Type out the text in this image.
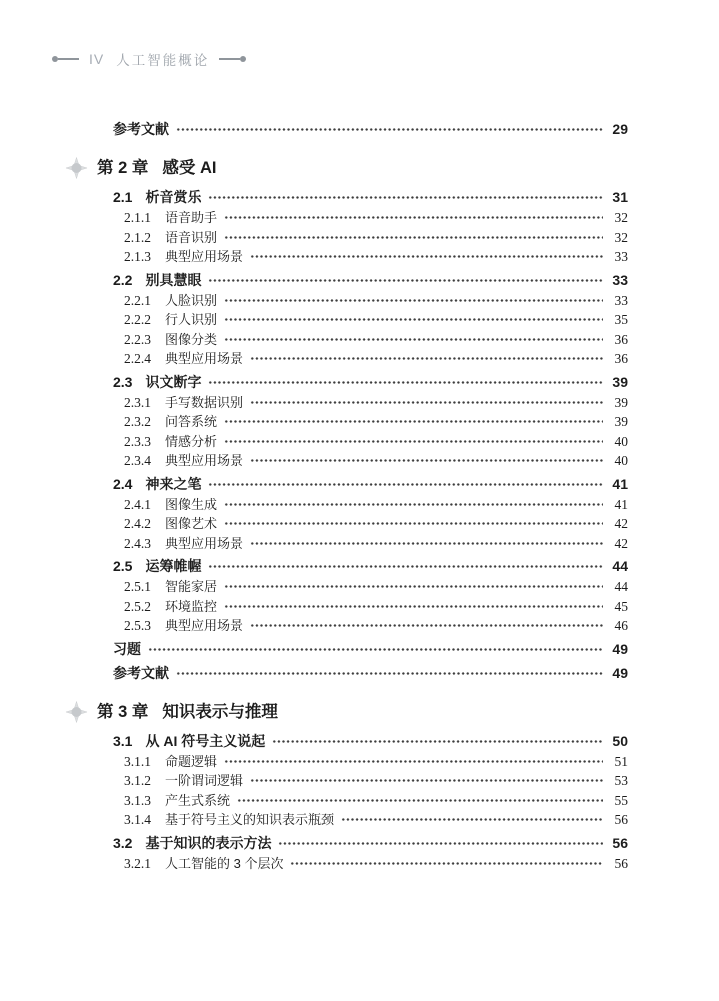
IV 人工智能概论
参考文献	29
第 2 章 感受 AI
2.1 析音赏乐	31
2.1.1 语音助手	32
2.1.2 语音识别	32
2.1.3 典型应用场景	33
2.2 别具慧眼	33
2.2.1 人脸识别	33
2.2.2 行人识别	35
2.2.3 图像分类	36
2.2.4 典型应用场景	36
2.3 识文断字	39
2.3.1 手写数据识别	39
2.3.2 问答系统	39
2.3.3 情感分析	40
2.3.4 典型应用场景	40
2.4 神来之笔	41
2.4.1 图像生成	41
2.4.2 图像艺术	42
2.4.3 典型应用场景	42
2.5 运筹帷幄	44
2.5.1 智能家居	44
2.5.2 环境监控	45
2.5.3 典型应用场景	46
习题	49
参考文献	49
第 3 章 知识表示与推理
3.1 从 AI 符号主义说起	50
3.1.1 命题逻辑	51
3.1.2 一阶谓词逻辑	53
3.1.3 产生式系统	55
3.1.4 基于符号主义的知识表示瓶颈	56
3.2 基于知识的表示方法	56
3.2.1 人工智能的 3 个层次	56
